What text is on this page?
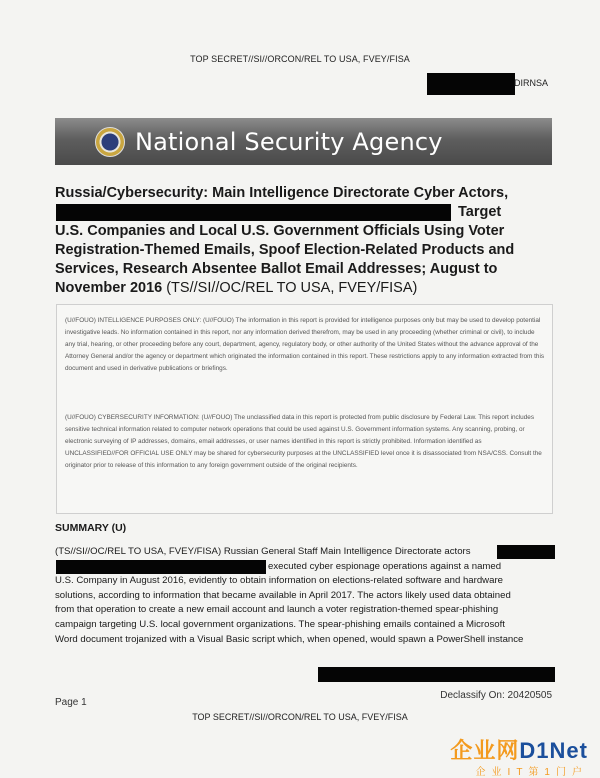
TOP SECRET//SI//ORCON/REL TO USA, FVEY/FISA
DIRNSA
National Security Agency
Russia/Cybersecurity: Main Intelligence Directorate Cyber Actors,
Target
U.S. Companies and Local U.S. Government Officials Using Voter
Registration-Themed Emails, Spoof Election-Related Products and
Services, Research Absentee Ballot Email Addresses; August to
November 2016 (TS//SI//OC/REL TO USA, FVEY/FISA)

(U//FOUO) INTELLIGENCE PURPOSES ONLY: (U//FOUO) The information in this report is provided for intelligence purposes only but may be used to develop potential investigative leads. No information contained in this report, nor any information derived therefrom, may be used in any proceeding (whether criminal or civil), to include any trial, hearing, or other proceeding before any court, department, agency, regulatory body, or other authority of the United States without the advance approval of the Attorney General and/or the agency or department which originated the information contained in this report. These restrictions apply to any information extracted from this document and used in derivative publications or briefings.

(U//FOUO) CYBERSECURITY INFORMATION: (U//FOUO) The unclassified data in this report is protected from public disclosure by Federal Law. This report includes sensitive technical information related to computer network operations that could be used against U.S. Government information systems. Any scanning, probing, or electronic surveying of IP addresses, domains, email addresses, or user names identified in this report is strictly prohibited. Information identified as UNCLASSIFIED//FOR OFFICIAL USE ONLY may be shared for cybersecurity purposes at the UNCLASSIFIED level once it is disassociated from NSA/CSS. Consult the originator prior to release of this information to any foreign government outside of the original recipients.

SUMMARY (U)
(TS//SI//OC/REL TO USA, FVEY/FISA) Russian General Staff Main Intelligence Directorate actors
executed cyber espionage operations against a named
U.S. Company in August 2016, evidently to obtain information on elections-related software and hardware
solutions, according to information that became available in April 2017. The actors likely used data obtained
from that operation to create a new email account and launch a voter registration-themed spear-phishing
campaign targeting U.S. local government organizations. The spear-phishing emails contained a Microsoft
Word document trojanized with a Visual Basic script which, when opened, would spawn a PowerShell instance
Declassify On: 20420505
Page 1
TOP SECRET//SI//ORCON/REL TO USA, FVEY/FISA
企业网D1Net
企业IT第1门户
